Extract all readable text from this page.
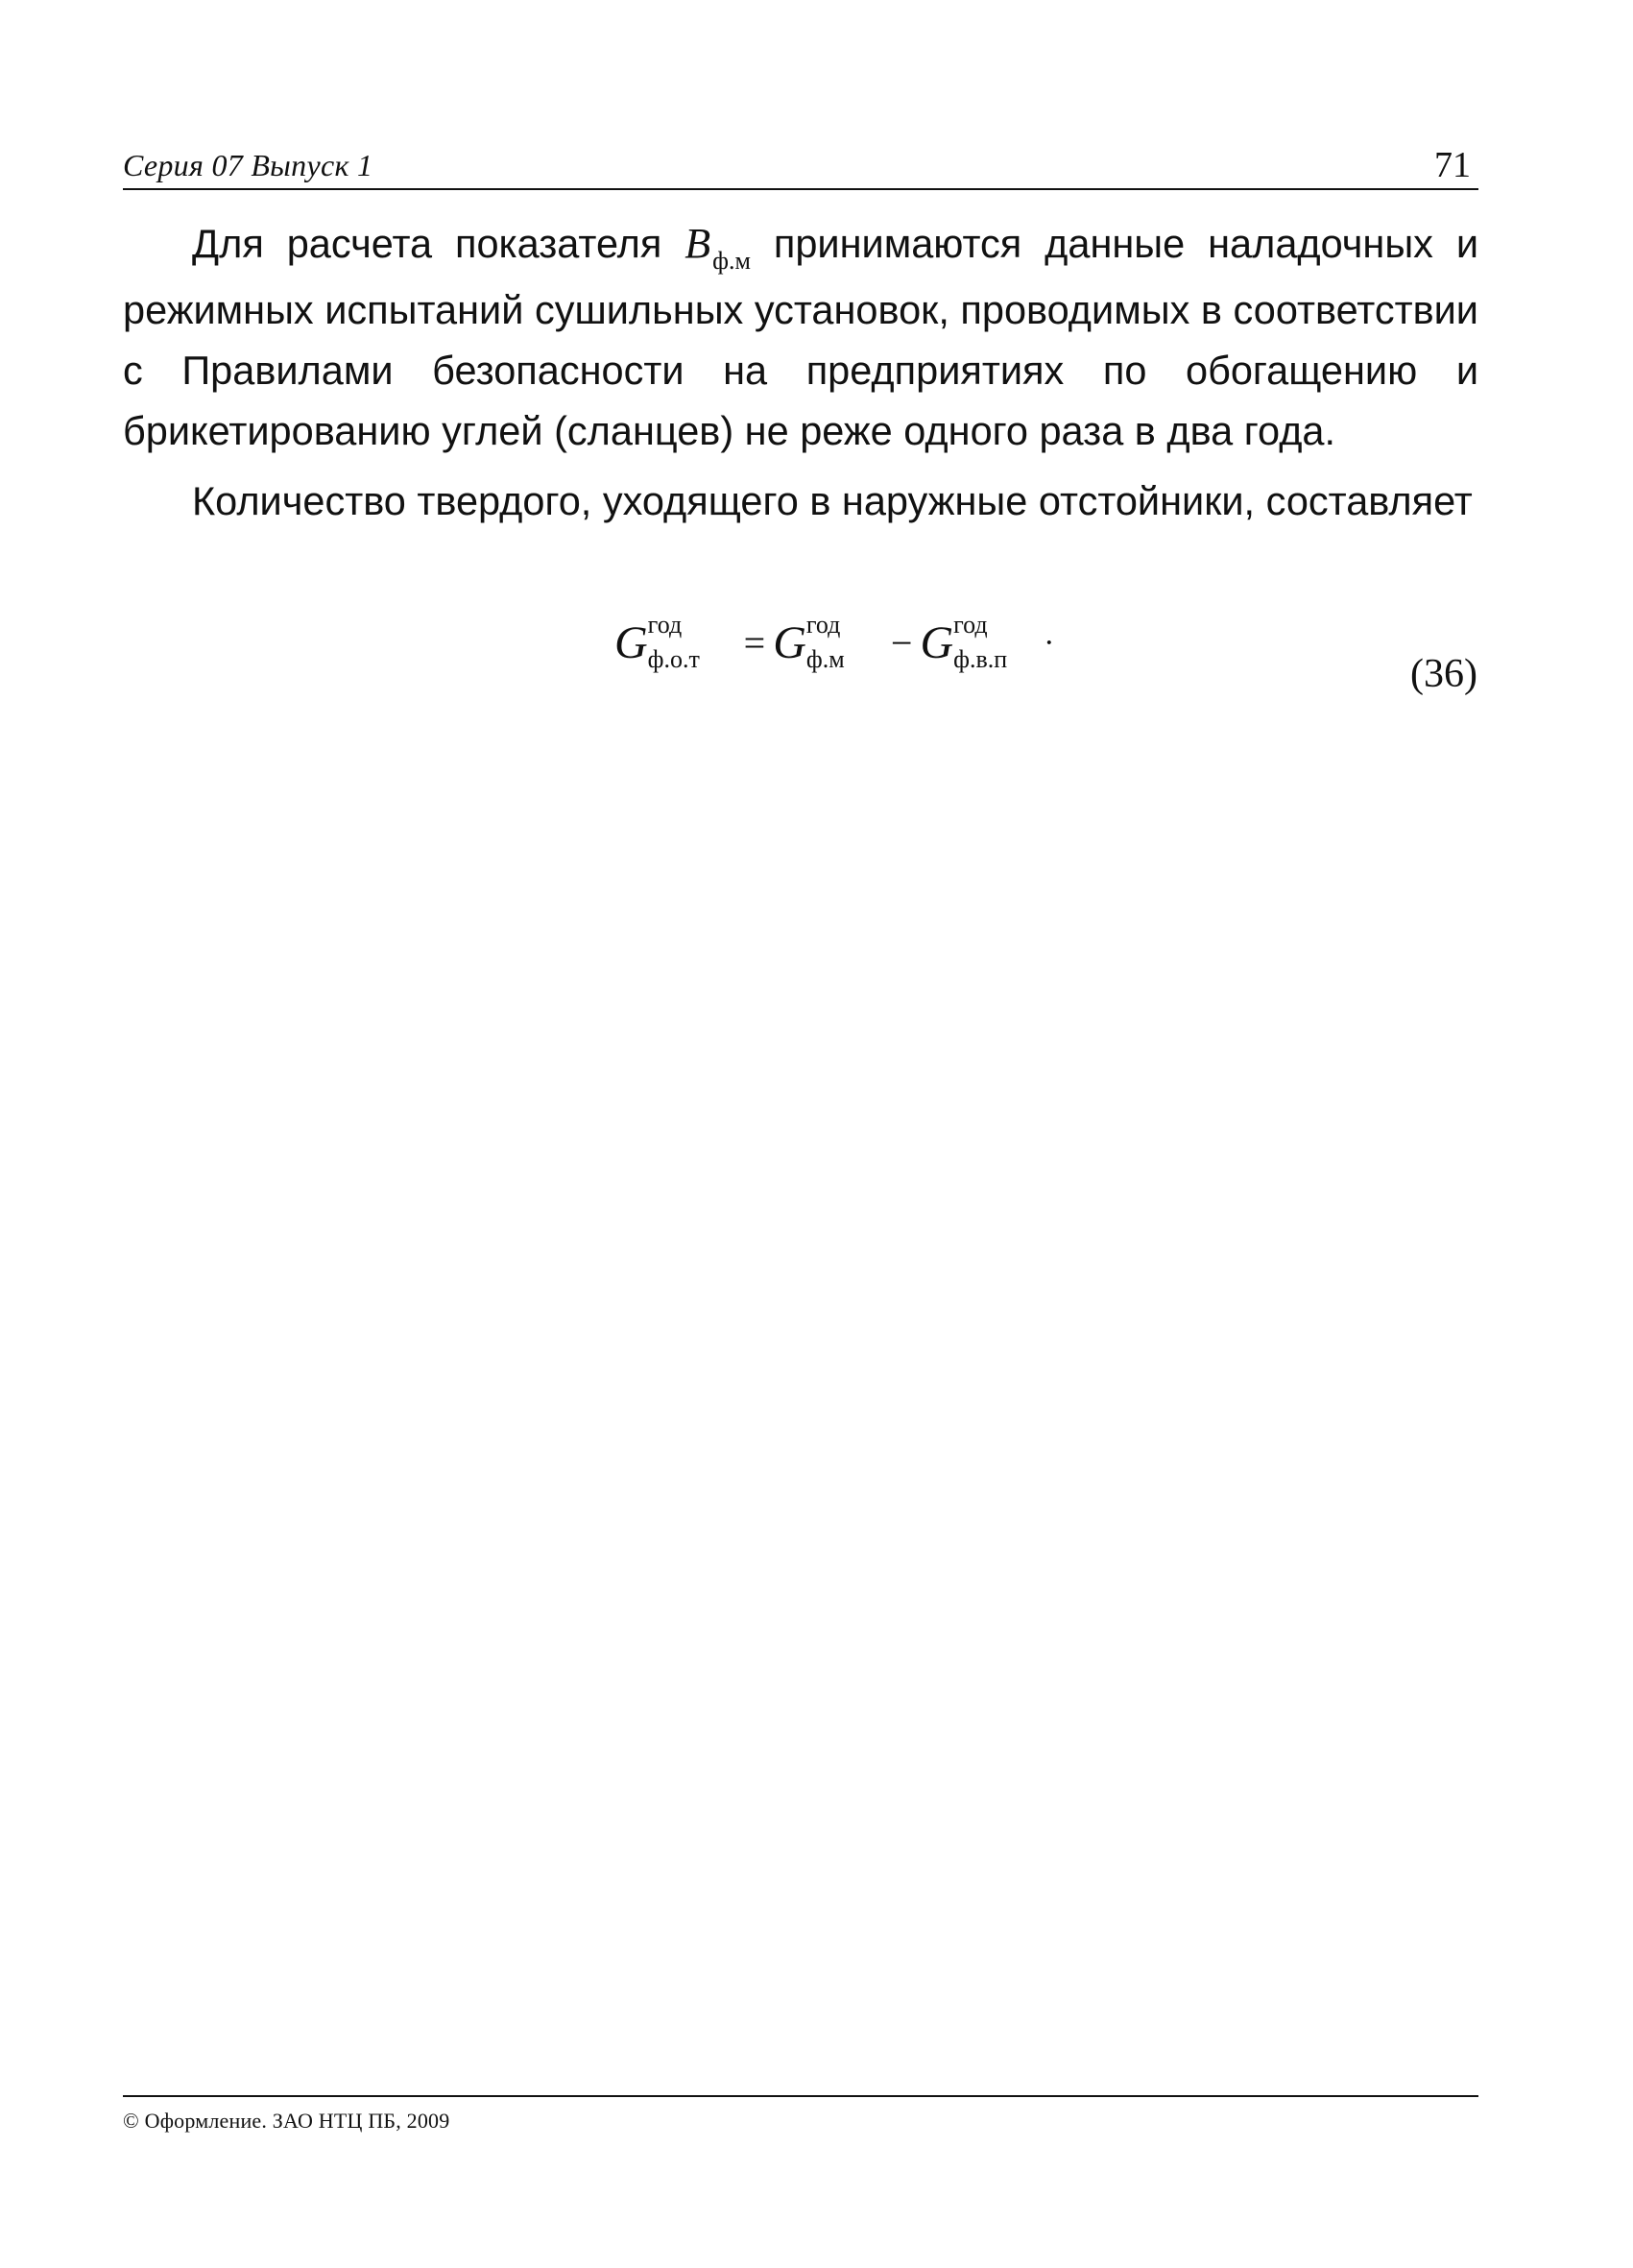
Серия 07 Выпуск 1	71

Для расчета показателя $B_{ф.м}$ принимаются данные наладочных и режимных испытаний сушильных установок, проводимых в соответствии с Правилами безопасности на предприятиях по обогащению и брикетированию углей (сланцев) не реже одного раза в два года.

Количество твердого, уходящего в наружные отстойники, составляет

G год
ф.о.т = G год
ф.м − G год
ф.в.п ·
(36)
© Оформление. ЗАО НТЦ ПБ, 2009
